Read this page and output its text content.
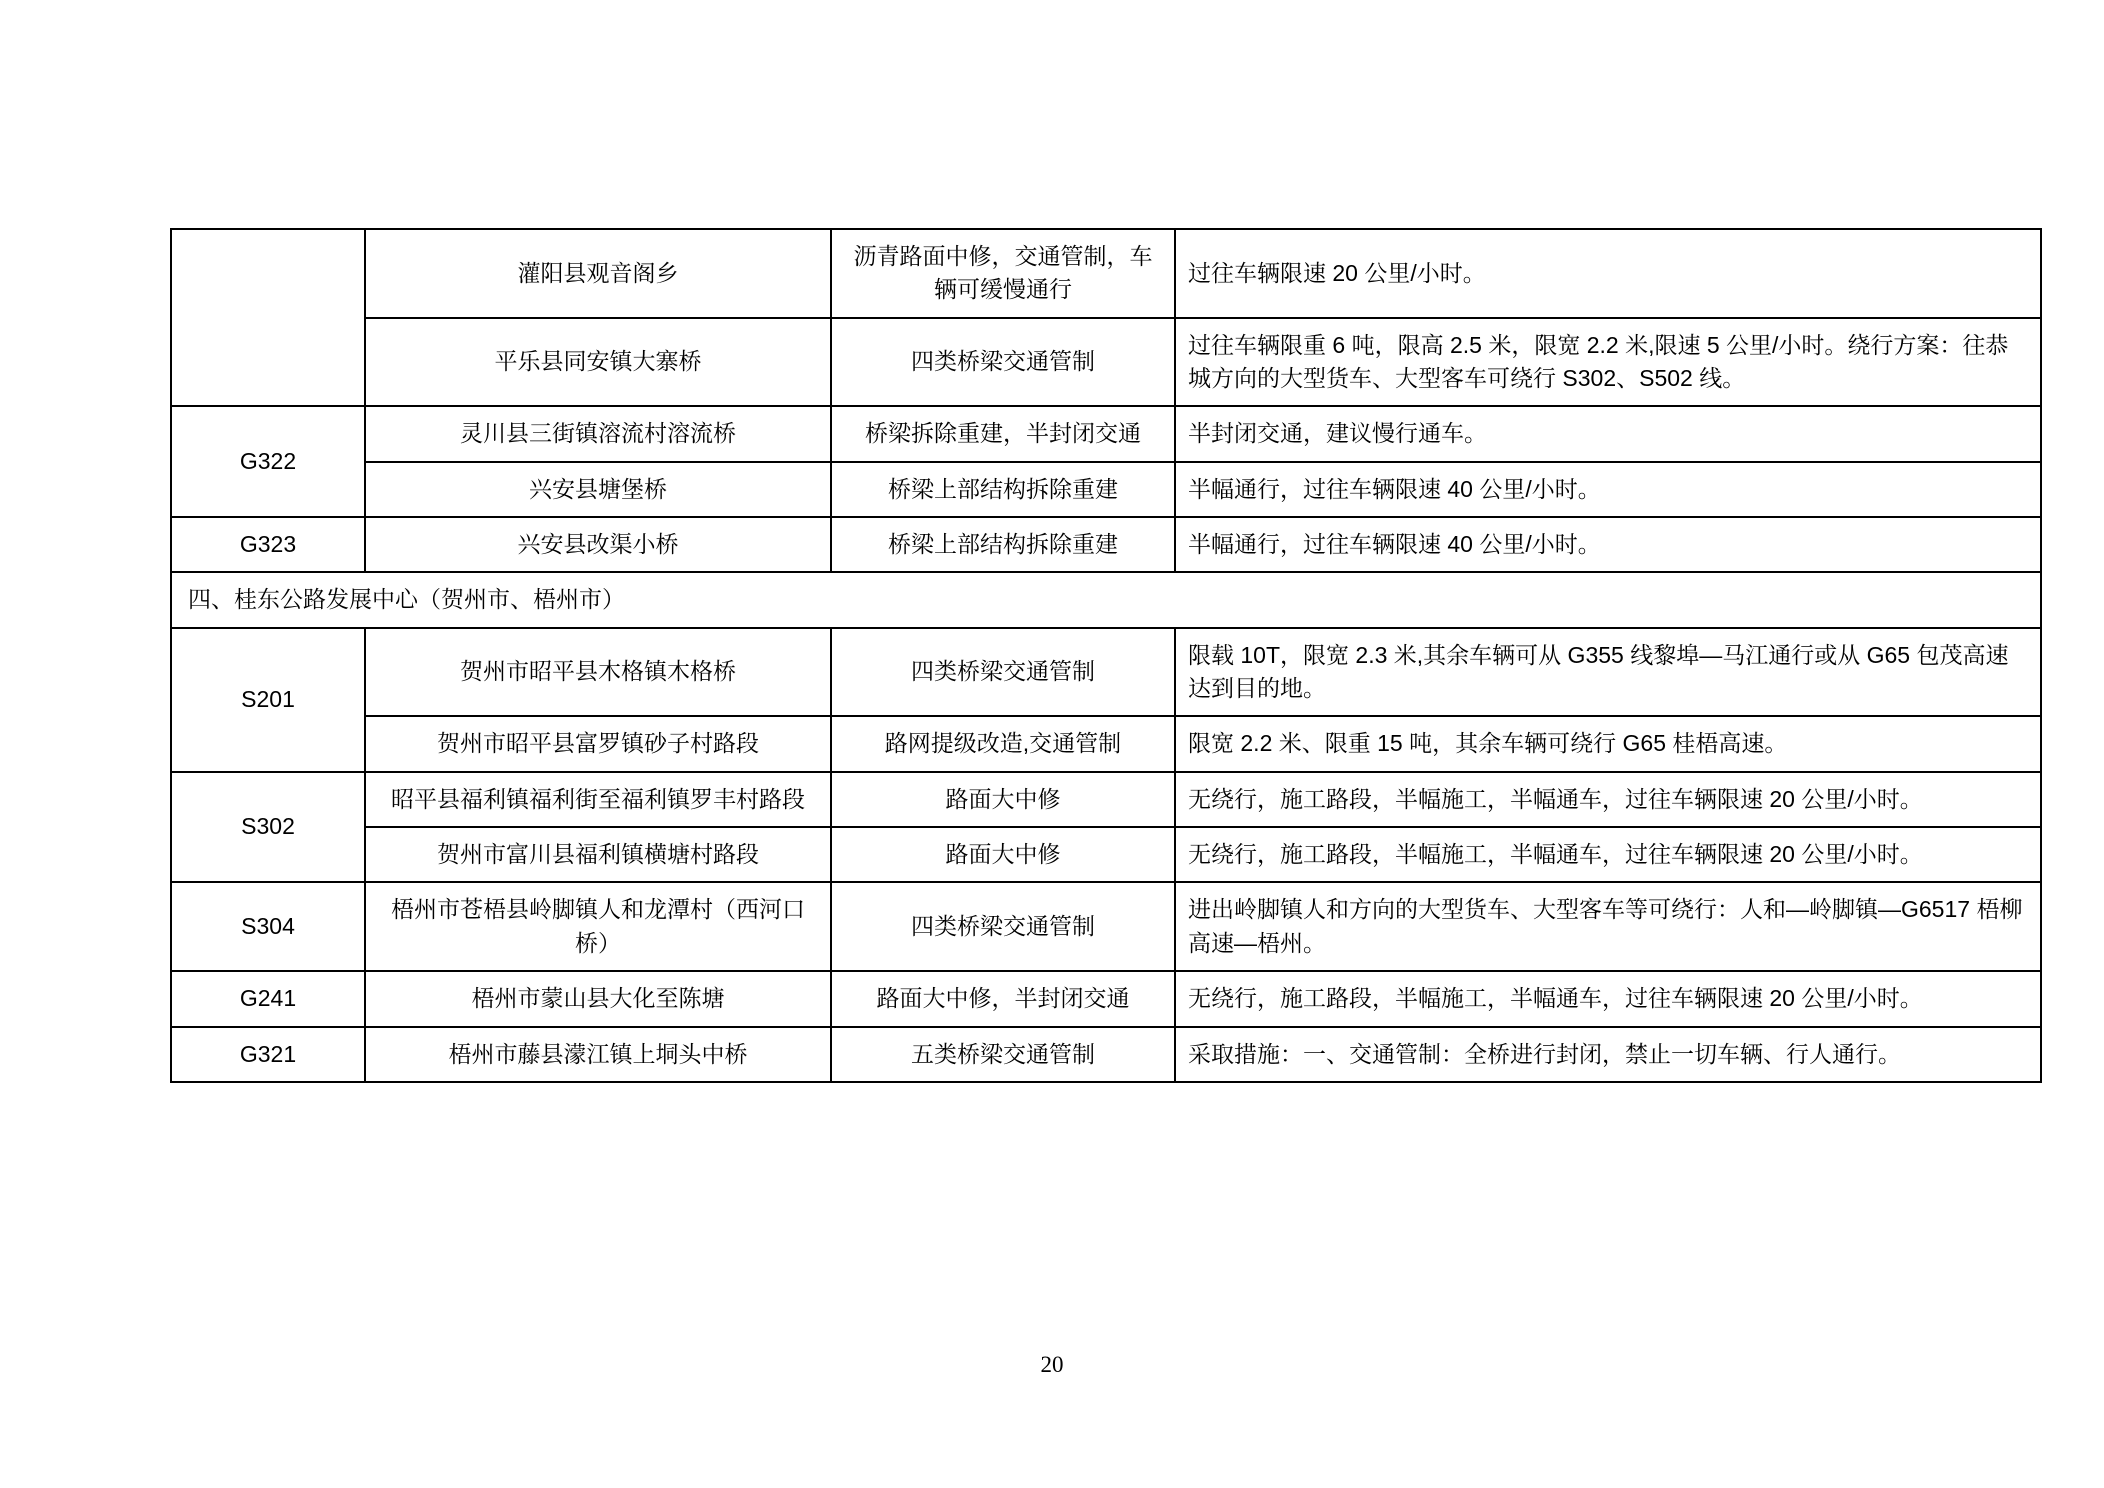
	灌阳县观音阁乡	沥青路面中修，交通管制，车辆可缓慢通行	过往车辆限速 20 公里/小时。
	平乐县同安镇大寨桥	四类桥梁交通管制	过往车辆限重 6 吨，限高 2.5 米，限宽 2.2 米,限速 5 公里/小时。绕行方案：往恭城方向的大型货车、大型客车可绕行 S302、S502 线。
G322	灵川县三街镇溶流村溶流桥	桥梁拆除重建，半封闭交通	半封闭交通，建议慢行通车。
	兴安县塘堡桥	桥梁上部结构拆除重建	半幅通行，过往车辆限速 40 公里/小时。
G323	兴安县改渠小桥	桥梁上部结构拆除重建	半幅通行，过往车辆限速 40 公里/小时。
四、桂东公路发展中心（贺州市、梧州市）			
S201	贺州市昭平县木格镇木格桥	四类桥梁交通管制	限载 10T，限宽 2.3 米,其余车辆可从 G355 线黎埠—马江通行或从 G65 包茂高速达到目的地。
	贺州市昭平县富罗镇砂子村路段	路网提级改造,交通管制	限宽 2.2 米、限重 15 吨，其余车辆可绕行 G65 桂梧高速。
S302	昭平县福利镇福利街至福利镇罗丰村路段	路面大中修	无绕行，施工路段，半幅施工，半幅通车，过往车辆限速 20 公里/小时。
	贺州市富川县福利镇横塘村路段	路面大中修	无绕行，施工路段，半幅施工，半幅通车，过往车辆限速 20 公里/小时。
S304	梧州市苍梧县岭脚镇人和龙潭村（西河口桥）	四类桥梁交通管制	进出岭脚镇人和方向的大型货车、大型客车等可绕行：人和—岭脚镇—G6517 梧柳高速—梧州。
G241	梧州市蒙山县大化至陈塘	路面大中修，半封闭交通	无绕行，施工路段，半幅施工，半幅通车，过往车辆限速 20 公里/小时。
G321	梧州市藤县濛江镇上垌头中桥	五类桥梁交通管制	采取措施：一、交通管制：全桥进行封闭，禁止一切车辆、行人通行。
20
